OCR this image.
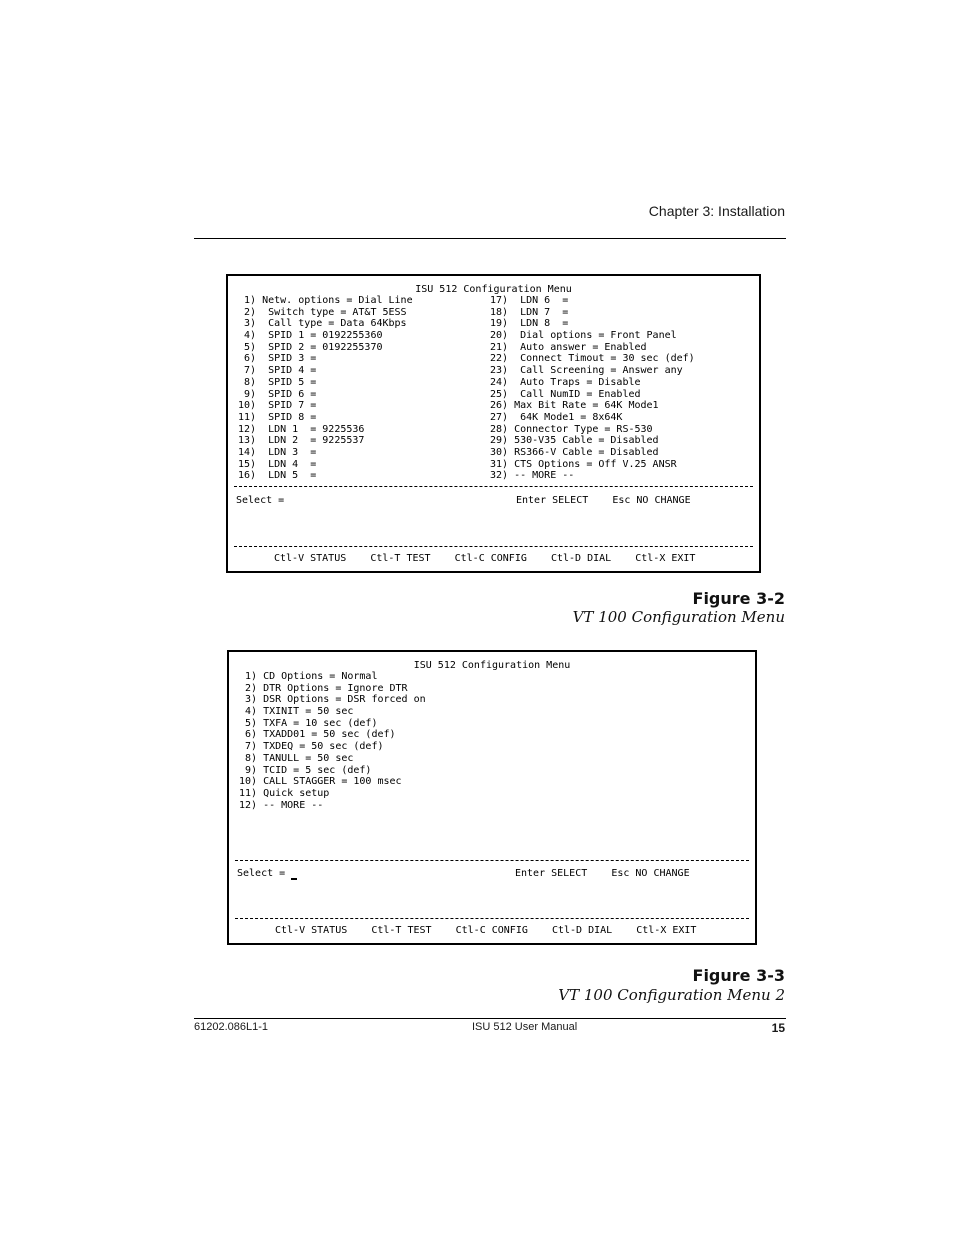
Chapter 3: Installation
ISU 512 Configuration Menu
1) Netw. options = Dial Line
2)  Switch type = AT&T 5ESS
3)  Call type = Data 64Kbps
4)  SPID 1 = 0192255360
5)  SPID 2 = 0192255370
6)  SPID 3 =
7)  SPID 4 =
8)  SPID 5 =
9)  SPID 6 =
10)  SPID 7 =
11)  SPID 8 =
12)  LDN 1  = 9225536
13)  LDN 2  = 9225537
14)  LDN 3  =
15)  LDN 4  =
16)  LDN 5  =
17)  LDN 6  =
18)  LDN 7  =
19)  LDN 8  =
20)  Dial options = Front Panel
21)  Auto answer = Enabled
22)  Connect Timout = 30 sec (def)
23)  Call Screening = Answer any
24)  Auto Traps = Disable
25)  Call NumID = Enabled
26) Max Bit Rate = 64K Mode1
27)  64K Mode1 = 8x64K
28) Connector Type = RS-530
29) 530-V35 Cable = Disabled
30) RS366-V Cable = Disabled
31) CTS Options = Off V.25 ANSR
32) -- MORE --
Select =	Enter SELECT    Esc NO CHANGE
Ctl-V STATUS    Ctl-T TEST    Ctl-C CONFIG    Ctl-D DIAL    Ctl-X EXIT
Figure 3-2
VT 100 Configuration Menu
ISU 512 Configuration Menu
1) CD Options = Normal
2) DTR Options = Ignore DTR
3) DSR Options = DSR forced on
4) TXINIT = 50 sec
5) TXFA = 10 sec (def)
6) TXADD01 = 50 sec (def)
7) TXDEQ = 50 sec (def)
8) TANULL = 50 sec
9) TCID = 5 sec (def)
10) CALL STAGGER = 100 msec
11) Quick setup
12) -- MORE --
Select =	Enter SELECT    Esc NO CHANGE
Ctl-V STATUS    Ctl-T TEST    Ctl-C CONFIG    Ctl-D DIAL    Ctl-X EXIT
Figure 3-3
VT 100 Configuration Menu 2
61202.086L1-1	ISU 512 User Manual	15
